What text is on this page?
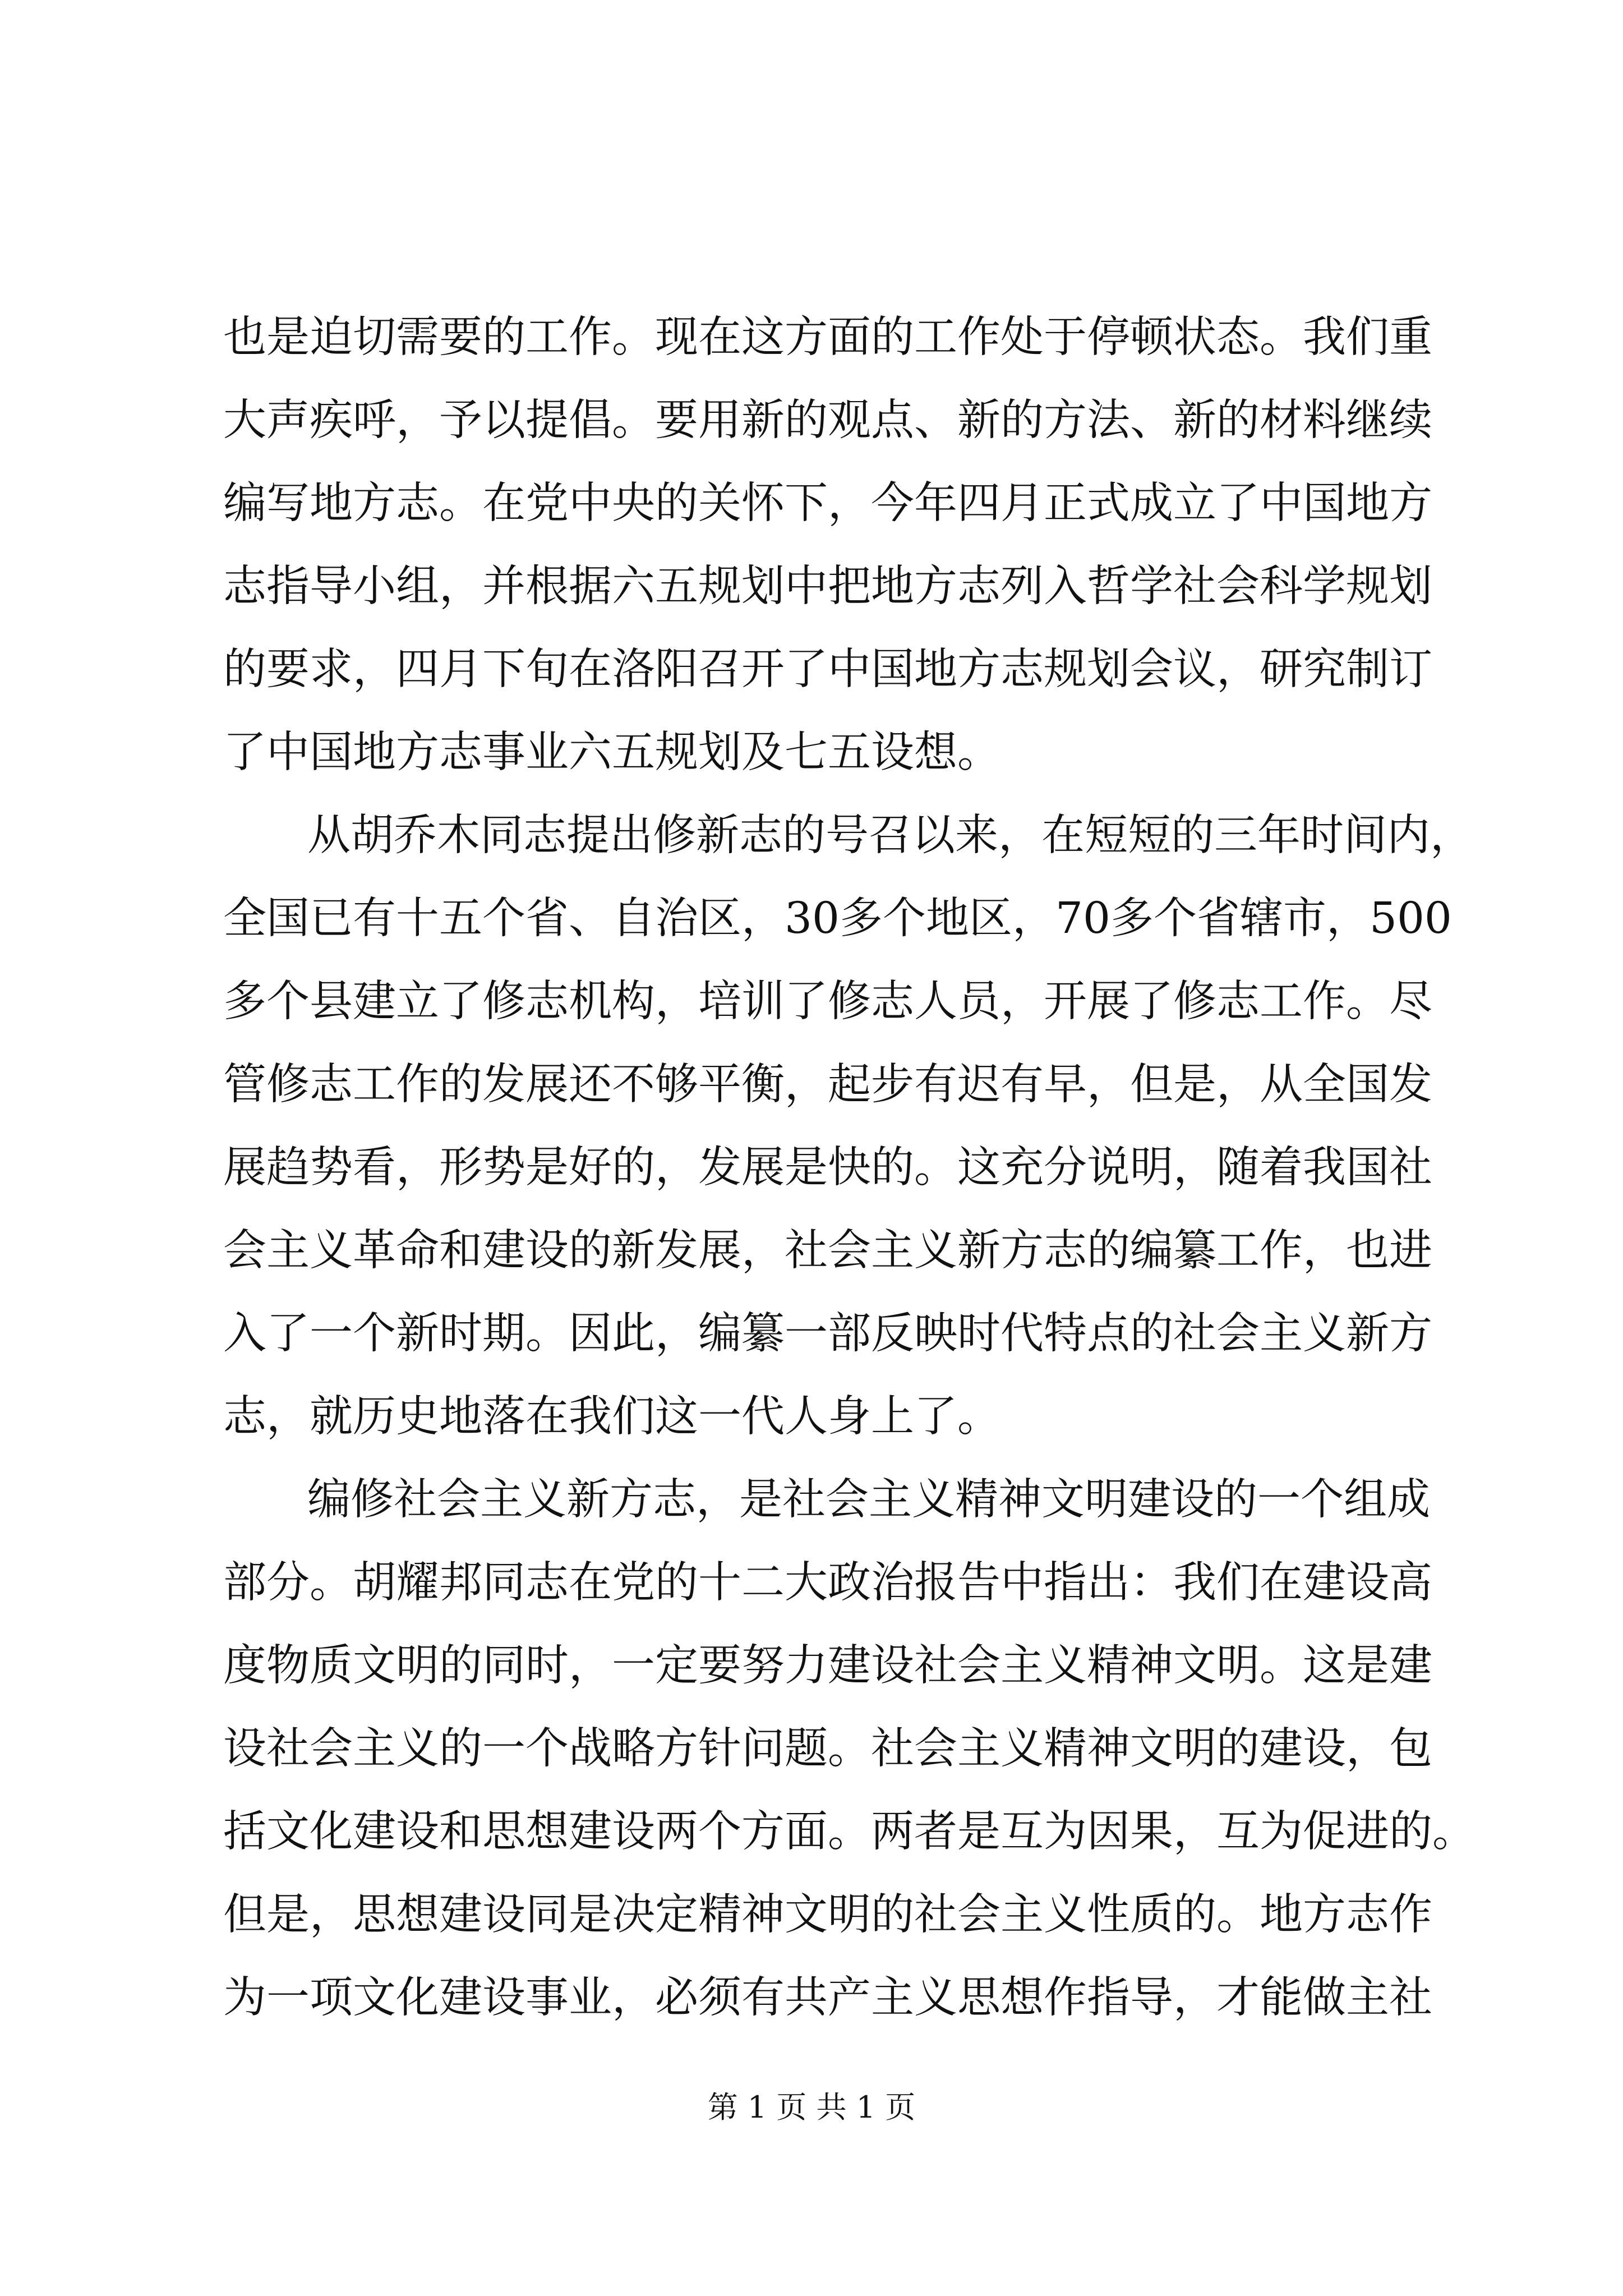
也是迫切需要的工作。现在这方面的工作处于停顿状态。我们重
大声疾呼，予以提倡。要用新的观点、新的方法、新的材料继续
编写地方志。在党中央的关怀下，今年四月正式成立了中国地方
志指导小组，并根据六五规划中把地方志列入哲学社会科学规划
的要求，四月下旬在洛阳召开了中国地方志规划会议，研究制订
了中国地方志事业六五规划及七五设想。
从胡乔木同志提出修新志的号召以来，在短短的三年时间内，
全国已有十五个省、自治区，30多个地区，70多个省辖市，500
多个县建立了修志机构，培训了修志人员，开展了修志工作。尽
管修志工作的发展还不够平衡，起步有迟有早，但是，从全国发
展趋势看，形势是好的，发展是快的。这充分说明，随着我国社
会主义革命和建设的新发展，社会主义新方志的编纂工作，也进
入了一个新时期。因此，编纂一部反映时代特点的社会主义新方
志，就历史地落在我们这一代人身上了。
编修社会主义新方志，是社会主义精神文明建设的一个组成
部分。胡耀邦同志在党的十二大政治报告中指出：我们在建设高
度物质文明的同时，一定要努力建设社会主义精神文明。这是建
设社会主义的一个战略方针问题。社会主义精神文明的建设，包
括文化建设和思想建设两个方面。两者是互为因果，互为促进的。
但是，思想建设同是决定精神文明的社会主义性质的。地方志作
为一项文化建设事业，必须有共产主义思想作指导，才能做主社
第 1 页 共 1 页
